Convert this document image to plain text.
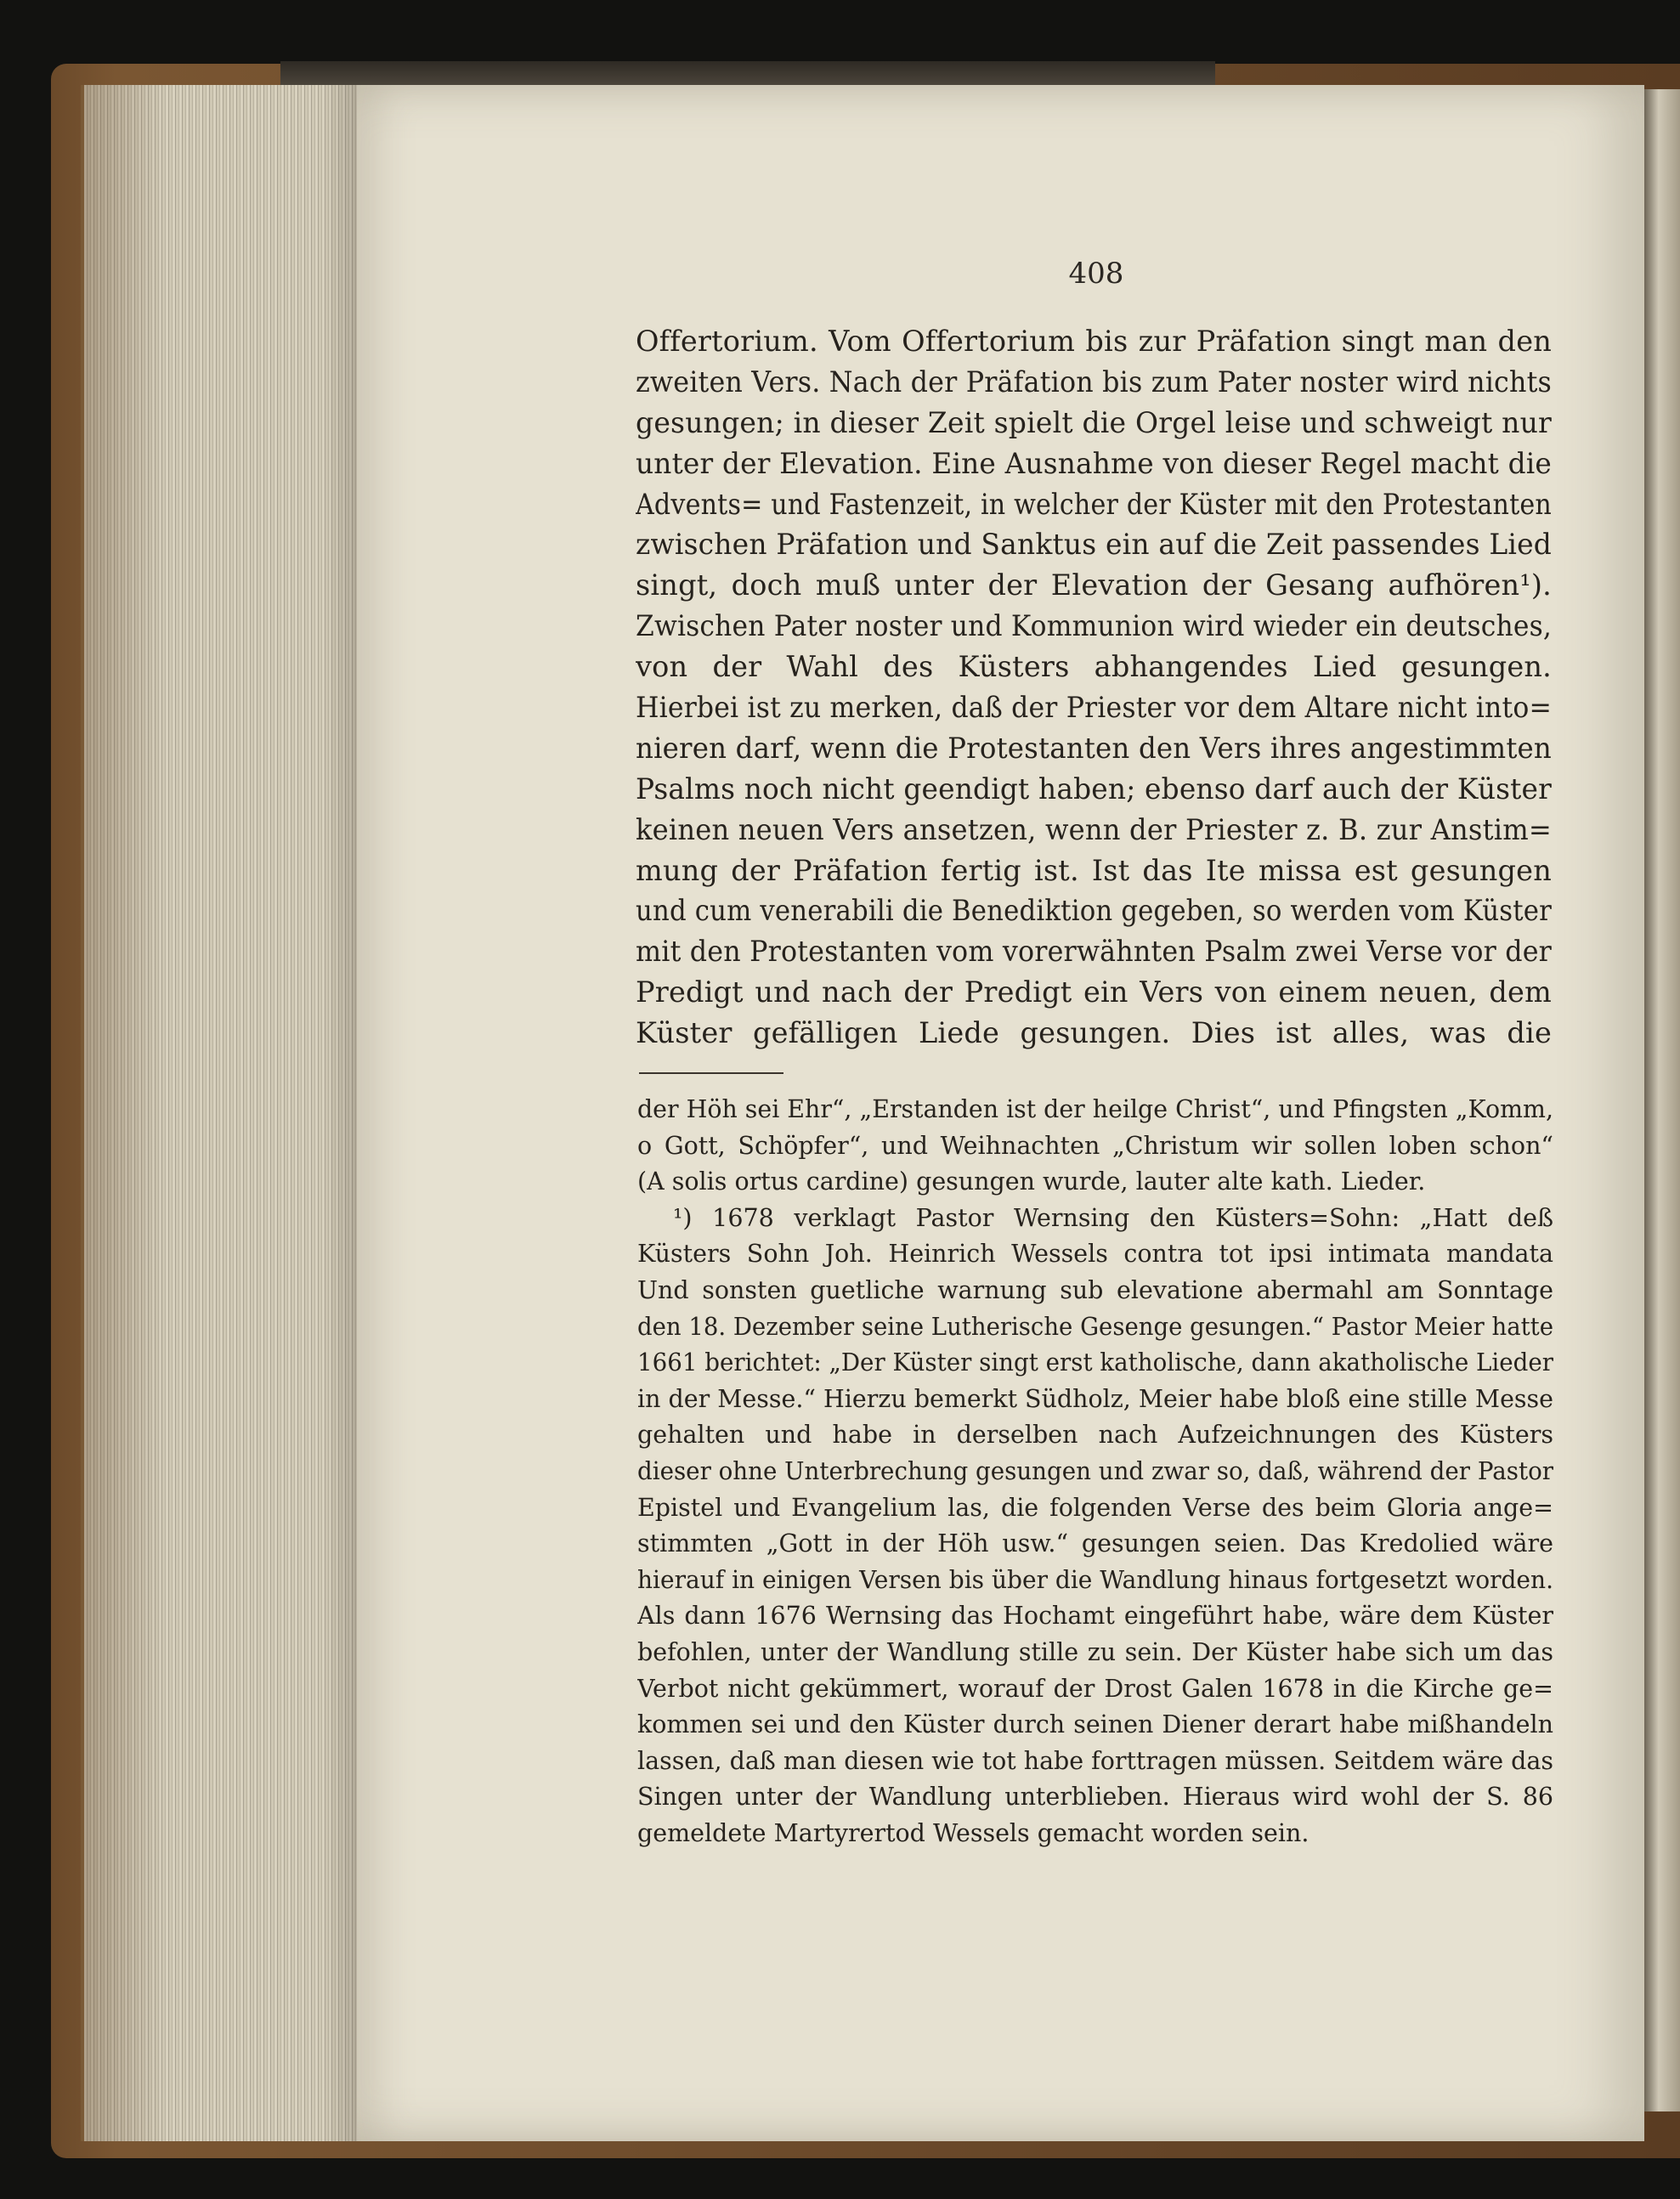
408
Offertorium. Vom Offertorium bis zur Präfation singt man den
zweiten Vers. Nach der Präfation bis zum Pater noster wird nichts
gesungen; in dieser Zeit spielt die Orgel leise und schweigt nur
unter der Elevation. Eine Ausnahme von dieser Regel macht die
Advents= und Fastenzeit, in welcher der Küster mit den Protestanten
zwischen Präfation und Sanktus ein auf die Zeit passendes Lied
singt, doch muß unter der Elevation der Gesang aufhören¹).
Zwischen Pater noster und Kommunion wird wieder ein deutsches,
von der Wahl des Küsters abhangendes Lied gesungen.
Hierbei ist zu merken, daß der Priester vor dem Altare nicht into=
nieren darf, wenn die Protestanten den Vers ihres angestimmten
Psalms noch nicht geendigt haben; ebenso darf auch der Küster
keinen neuen Vers ansetzen, wenn der Priester z. B. zur Anstim=
mung der Präfation fertig ist. Ist das Ite missa est gesungen
und cum venerabili die Benediktion gegeben, so werden vom Küster
mit den Protestanten vom vorerwähnten Psalm zwei Verse vor der
Predigt und nach der Predigt ein Vers von einem neuen, dem
Küster gefälligen Liede gesungen. Dies ist alles, was die
der Höh sei Ehr“, „Erstanden ist der heilge Christ“, und Pfingsten „Komm,
o Gott, Schöpfer“, und Weihnachten „Christum wir sollen loben schon“
(A solis ortus cardine) gesungen wurde, lauter alte kath. Lieder.
¹) 1678 verklagt Pastor Wernsing den Küsters=Sohn: „Hatt deß
Küsters Sohn Joh. Heinrich Wessels contra tot ipsi intimata mandata
Und sonsten guetliche warnung sub elevatione abermahl am Sonntage
den 18. Dezember seine Lutherische Gesenge gesungen.“ Pastor Meier hatte
1661 berichtet: „Der Küster singt erst katholische, dann akatholische Lieder
in der Messe.“ Hierzu bemerkt Südholz, Meier habe bloß eine stille Messe
gehalten und habe in derselben nach Aufzeichnungen des Küsters
dieser ohne Unterbrechung gesungen und zwar so, daß, während der Pastor
Epistel und Evangelium las, die folgenden Verse des beim Gloria ange=
stimmten „Gott in der Höh usw.“ gesungen seien. Das Kredolied wäre
hierauf in einigen Versen bis über die Wandlung hinaus fortgesetzt worden.
Als dann 1676 Wernsing das Hochamt eingeführt habe, wäre dem Küster
befohlen, unter der Wandlung stille zu sein. Der Küster habe sich um das
Verbot nicht gekümmert, worauf der Drost Galen 1678 in die Kirche ge=
kommen sei und den Küster durch seinen Diener derart habe mißhandeln
lassen, daß man diesen wie tot habe forttragen müssen. Seitdem wäre das
Singen unter der Wandlung unterblieben. Hieraus wird wohl der S. 86
gemeldete Martyrertod Wessels gemacht worden sein.
